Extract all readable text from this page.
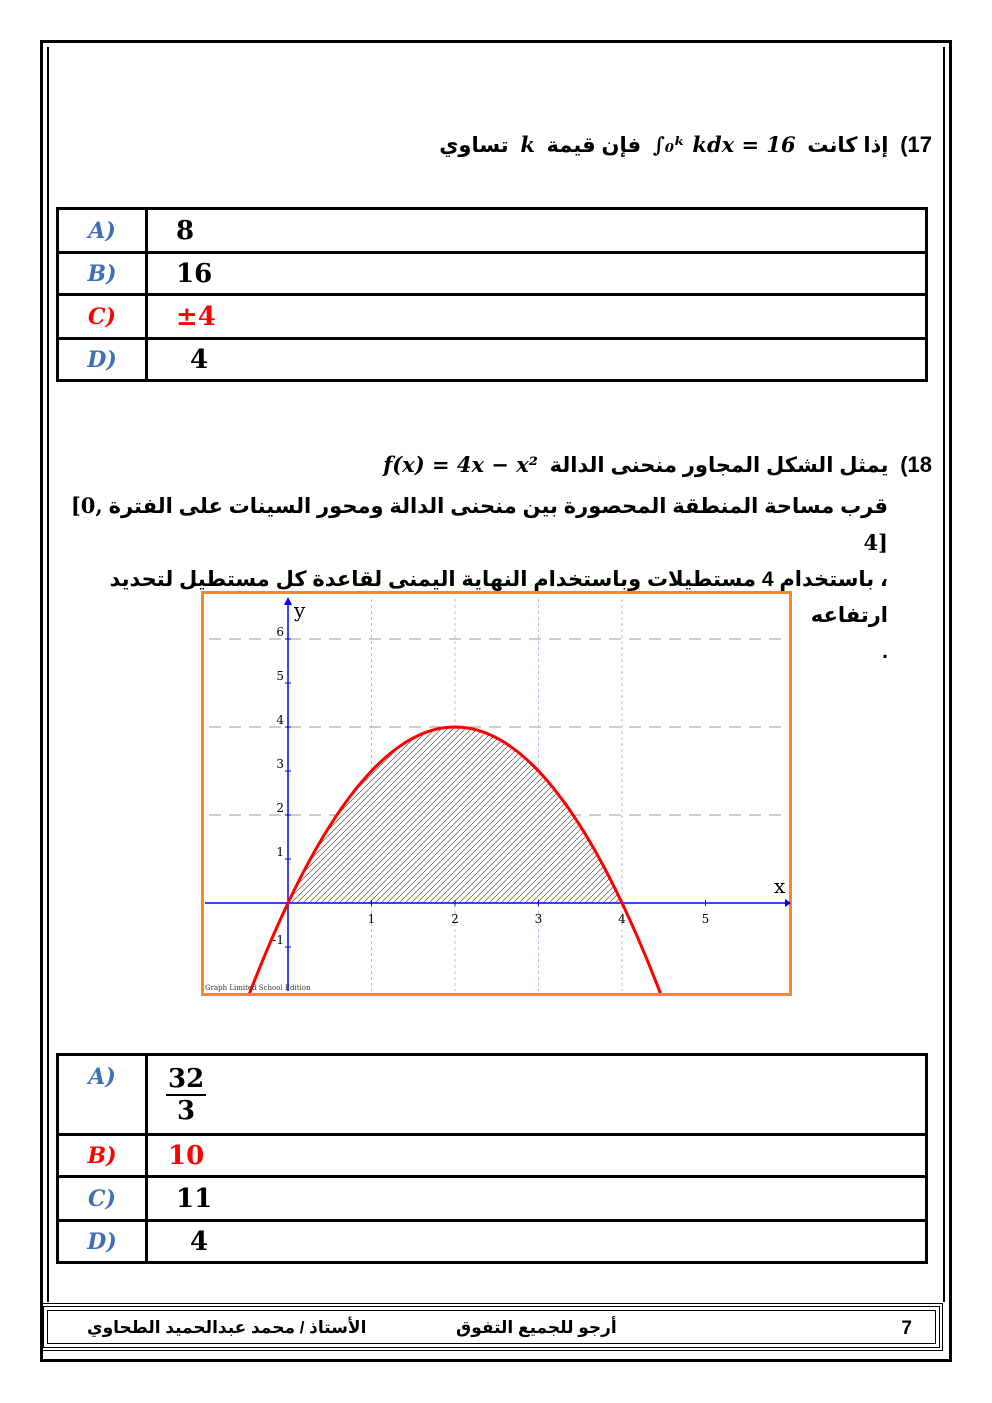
17)  إذا كانت  ∫₀ᵏ kdx = 16  فإن قيمة  k  تساوي
A)	8
B)	16
C)	±4
D)	4
18)  يمثل الشكل المجاور منحنى الدالة  f(x) = 4x − x²
قرب مساحة المنطقة المحصورة بين منحنى الدالة ومحور السينات على الفترة [0, 4]
، باستخدام 4 مستطيلات وباستخدام النهاية اليمنى لقاعدة كل مستطيل لتحديد ارتفاعه
.
1	2	3	4	5
-1
1
2
3
4
5
6
x
y
Graph Limited School Edition
A)	$\frac{32}{3}$

B)	10
C)	11
D)	4
7
أرجو للجميع التفوق
الأستاذ / محمد عبدالحميد الطحاوي
